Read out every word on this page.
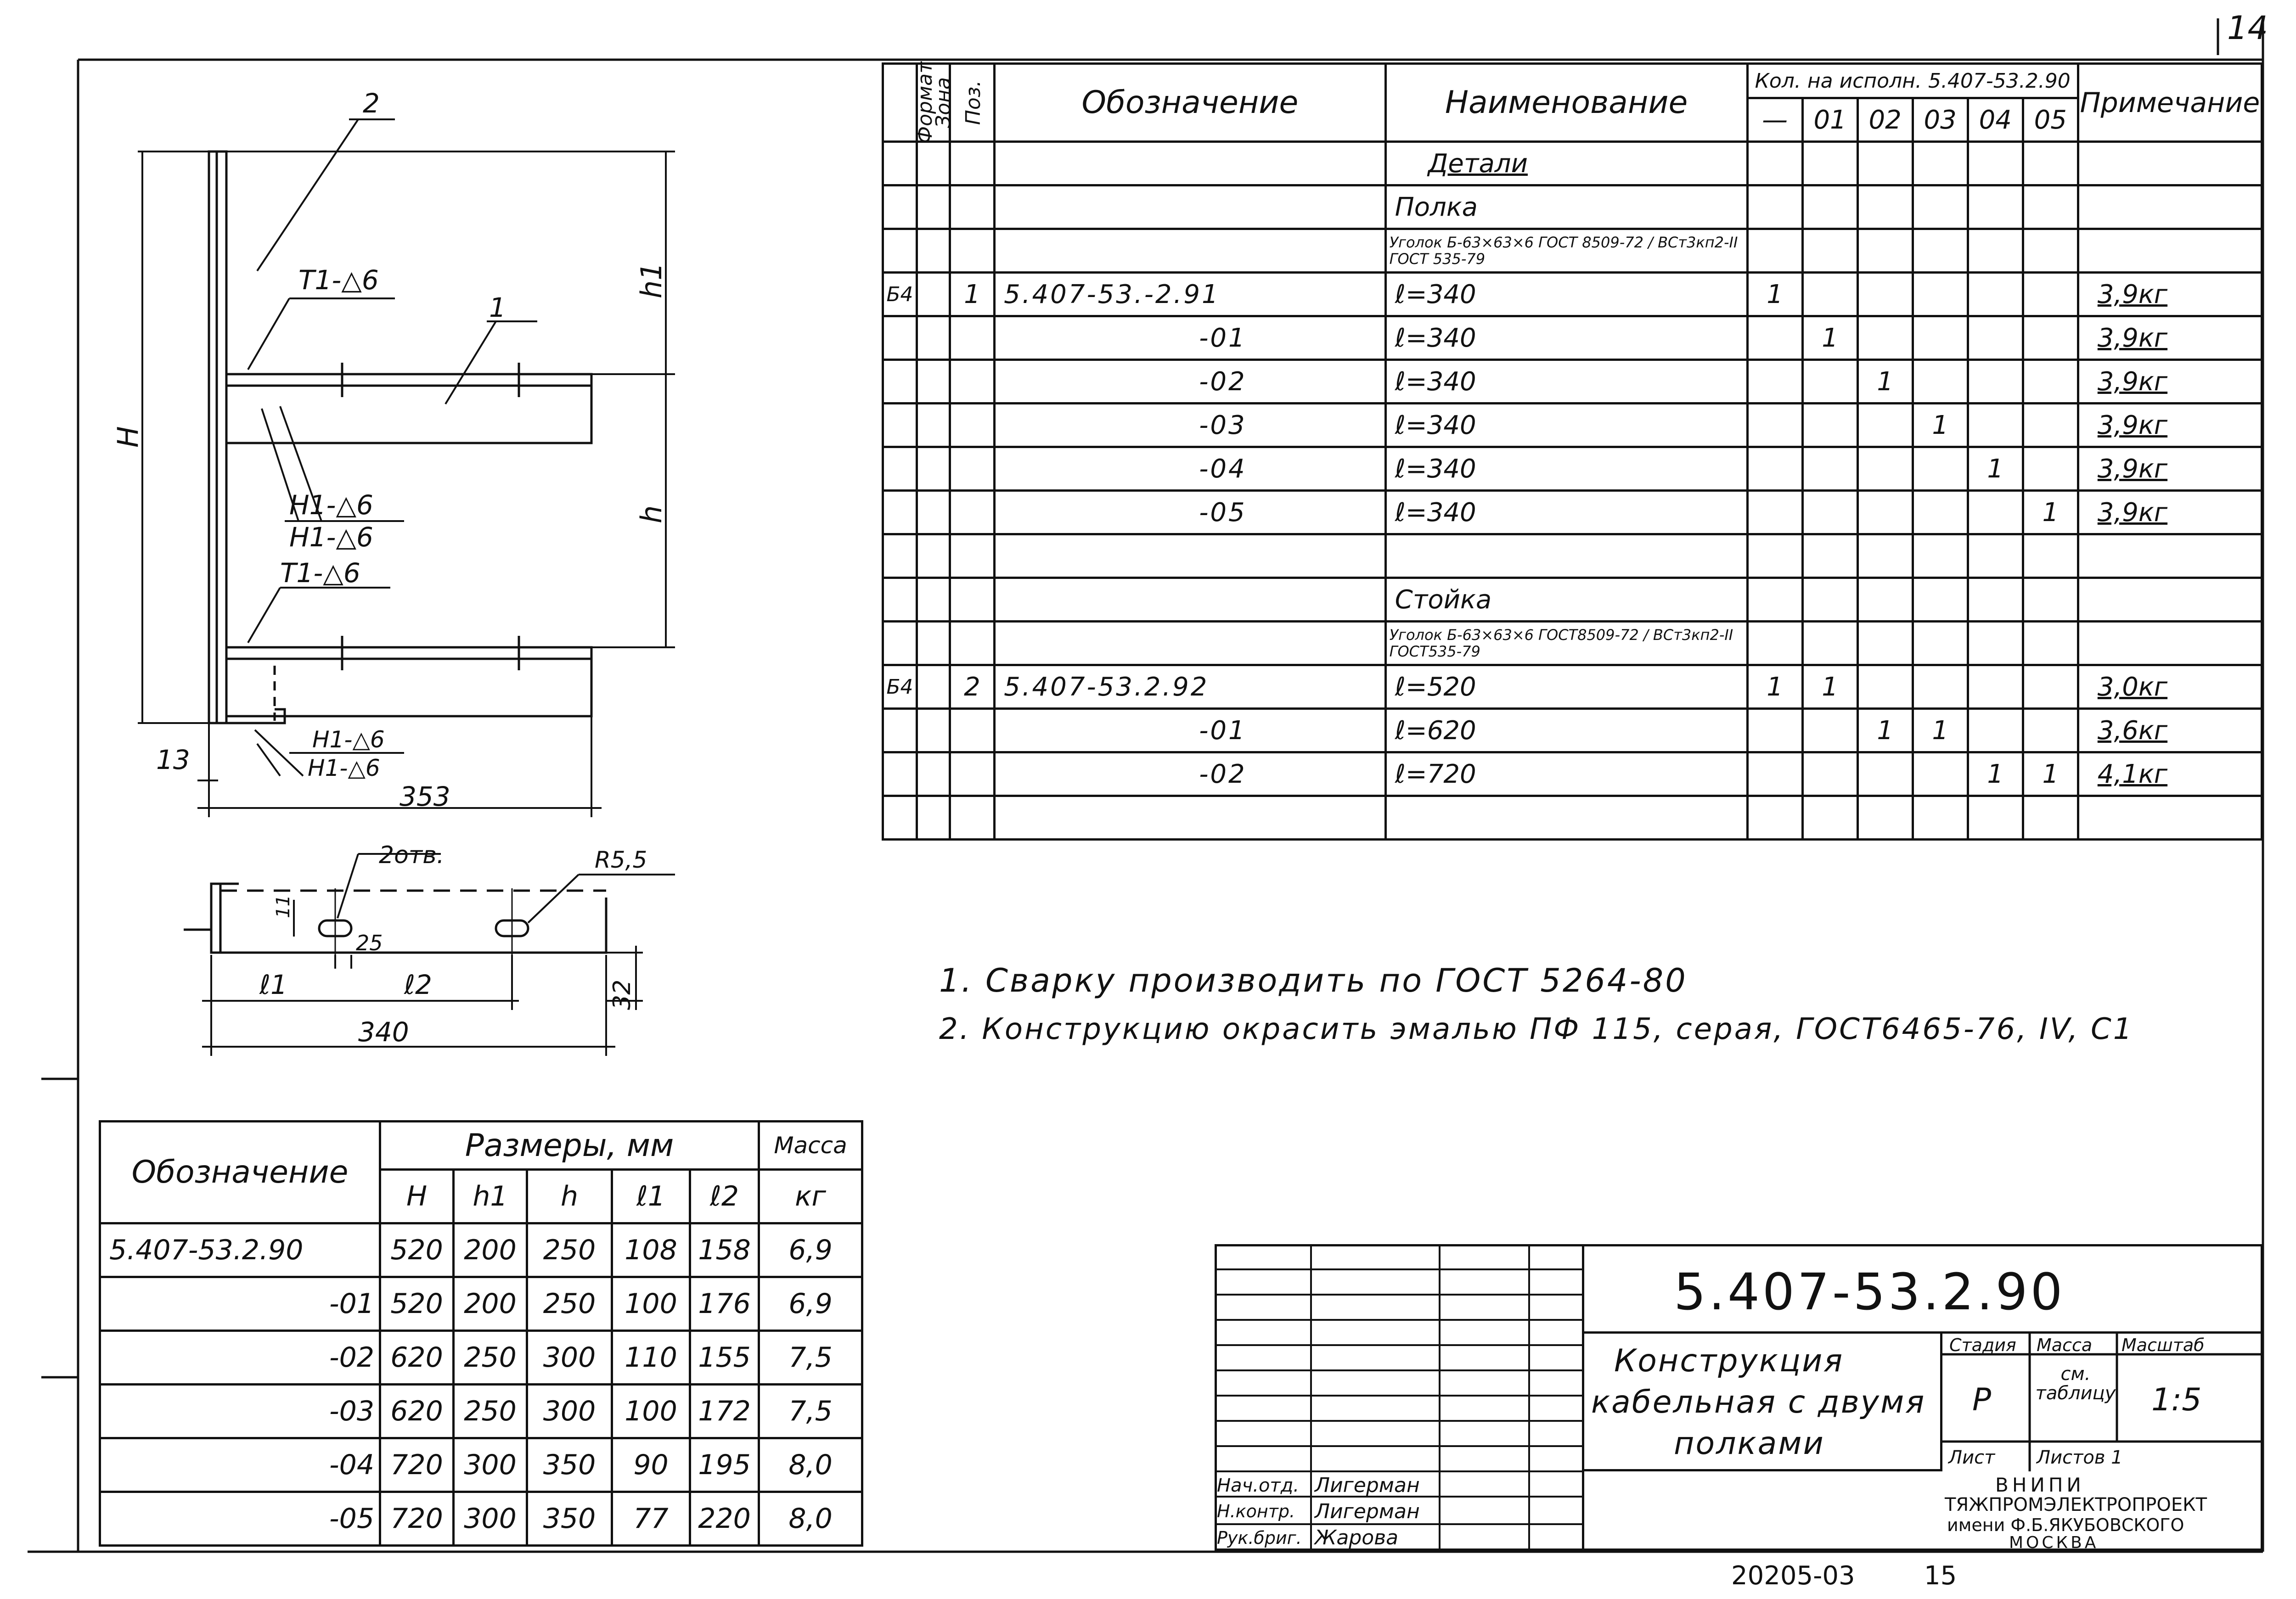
2
1
Т1-△6
Т1-△6
Н1-△6
Н1-△6
Н1-△6
Н1-△6
353
13
2отв.	R5,5
25
ℓ1	ℓ2
340
Н
h1
h
32
11
14
Формат	Зона	Поз.	Обозначение	Наименование	Кол. на исполн. 5.407-53.2.90						Примечание
					—	01	02	03	04	05	
				Детали							
				Полка							
				Уголок Б-63×63×6 ГОСТ 8509-72 / ВСт3кп2-II ГОСТ 535-79							
Б4		1	5.407-53.-2.91	ℓ=340	1						3,9кг
			-01	ℓ=340		1					3,9кг
			-02	ℓ=340			1				3,9кг
			-03	ℓ=340				1			3,9кг
			-04	ℓ=340					1		3,9кг
			-05	ℓ=340						1	3,9кг

				Стойка							
				Уголок Б-63×63×6 ГОСТ8509-72 / ВСт3кп2-II ГОСТ535-79							
Б4		2	5.407-53.2.92	ℓ=520	1	1					3,0кг
			-01	ℓ=620			1	1			3,6кг
			-02	ℓ=720					1	1	4,1кг

1. Сварку производить по ГОСТ 5264-80
2. Конструкцию окрасить эмалью ПФ 115, серая, ГОСТ6465-76, IV, C1
Обозначение	Размеры, мм					Масса
	Н	h1	h	ℓ1	ℓ2	кг
5.407-53.2.90	520	200	250	108	158	6,9
-01	520	200	250	100	176	6,9
-02	620	250	300	110	155	7,5
-03	620	250	300	100	172	7,5
-04	720	300	350	90	195	8,0
-05	720	300	350	77	220	8,0
Нач.отд. Лигерман
Н.контр. Лигерман
Рук.бриг. Жарова
5.407-53.2.90
Конструкция
кабельная с двумя
полками
Стадия Масса Масштаб
Р
см. таблицу 1:5
Лист Листов 1
ВНИПИ
ТЯЖПРОМЭЛЕКТРОПРОЕКТ
имени Ф.Б.ЯКУБОВСКОГО
МОСКВА
20205-03	15
